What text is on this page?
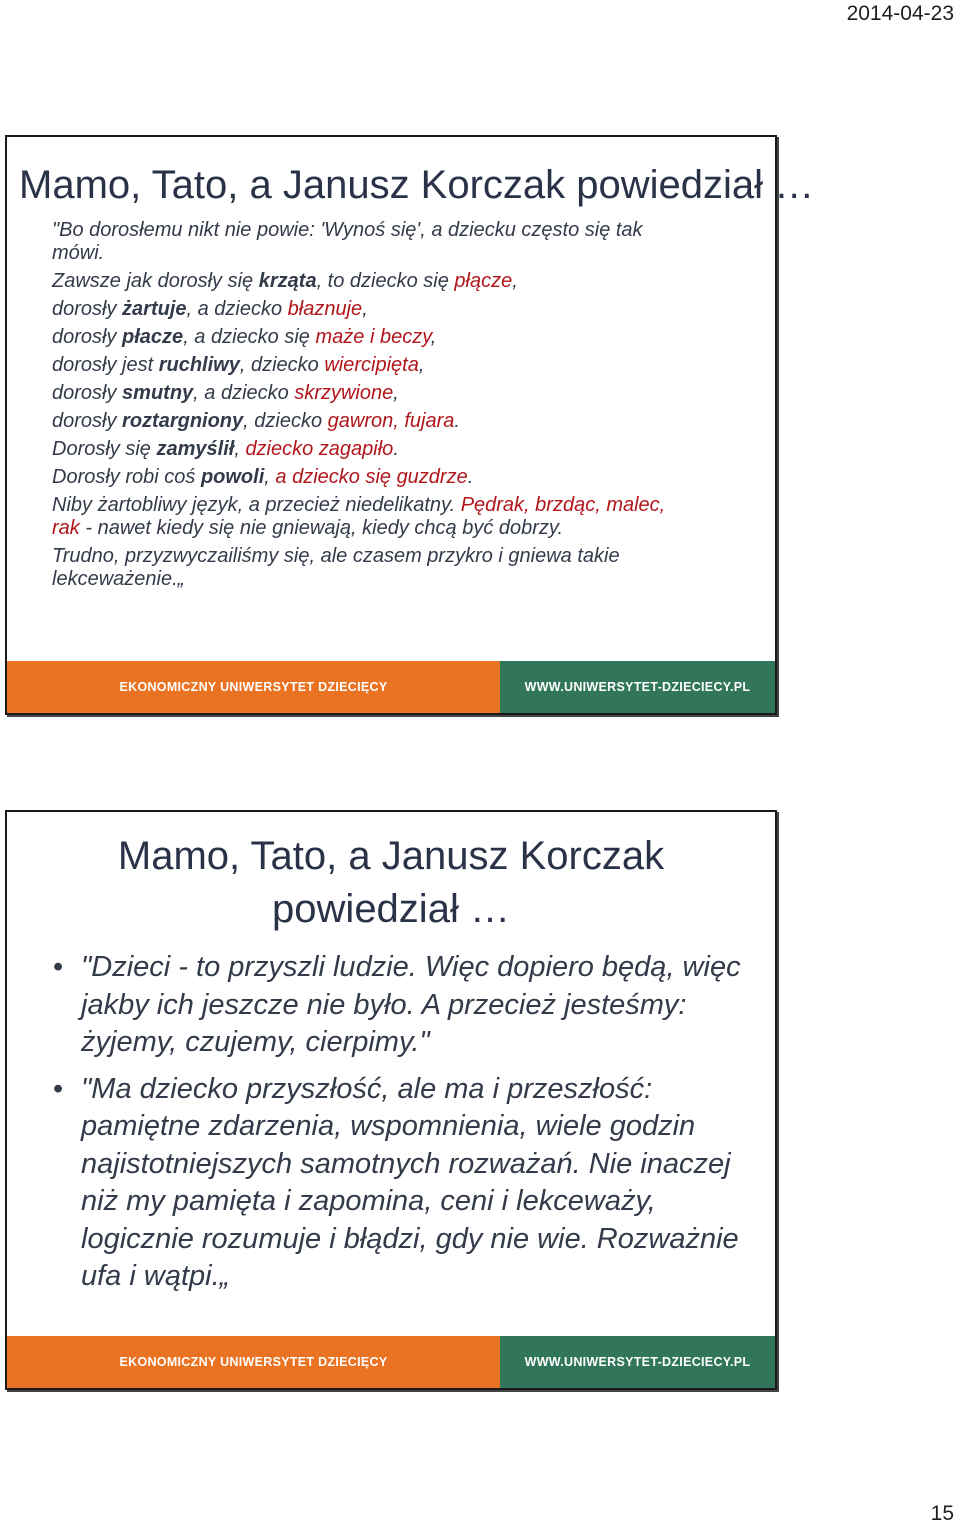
2014-04-23
Mamo, Tato, a Janusz Korczak powiedział …
"Bo dorosłemu nikt nie powie: 'Wynoś się', a dziecku często się tak
mówi.
Zawsze jak dorosły się krząta, to dziecko się płącze,
dorosły żartuje, a dziecko błaznuje,
dorosły płacze, a dziecko się maże i beczy,
dorosły jest ruchliwy, dziecko wiercipięta,
dorosły smutny, a dziecko skrzywione,
dorosły roztargniony, dziecko gawron, fujara.
Dorosły się zamyślił, dziecko zagapiło.
Dorosły robi coś powoli, a dziecko się guzdrze.
Niby żartobliwy język, a przecież niedelikatny. Pędrak, brzdąc, malec,
rak - nawet kiedy się nie gniewają, kiedy chcą być dobrzy.
Trudno, przyzwyczailiśmy się, ale czasem przykro i gniewa takie
lekceważenie.„
EKONOMICZNY UNIWERSYTET DZIECIĘCY	WWW.UNIWERSYTET-DZIECIECY.PL
Mamo, Tato, a Janusz Korczak
powiedział …
• "Dzieci - to przyszli ludzie. Więc dopiero będą, więc jakby ich jeszcze nie było. A przecież jesteśmy: żyjemy, czujemy, cierpimy."
• "Ma dziecko przyszłość, ale ma i przeszłość: pamiętne zdarzenia, wspomnienia, wiele godzin najistotniejszych samotnych rozważań. Nie inaczej niż my pamięta i zapomina, ceni i lekceważy, logicznie rozumuje i błądzi, gdy nie wie. Rozważnie ufa i wątpi.„
EKONOMICZNY UNIWERSYTET DZIECIĘCY	WWW.UNIWERSYTET-DZIECIECY.PL
15
